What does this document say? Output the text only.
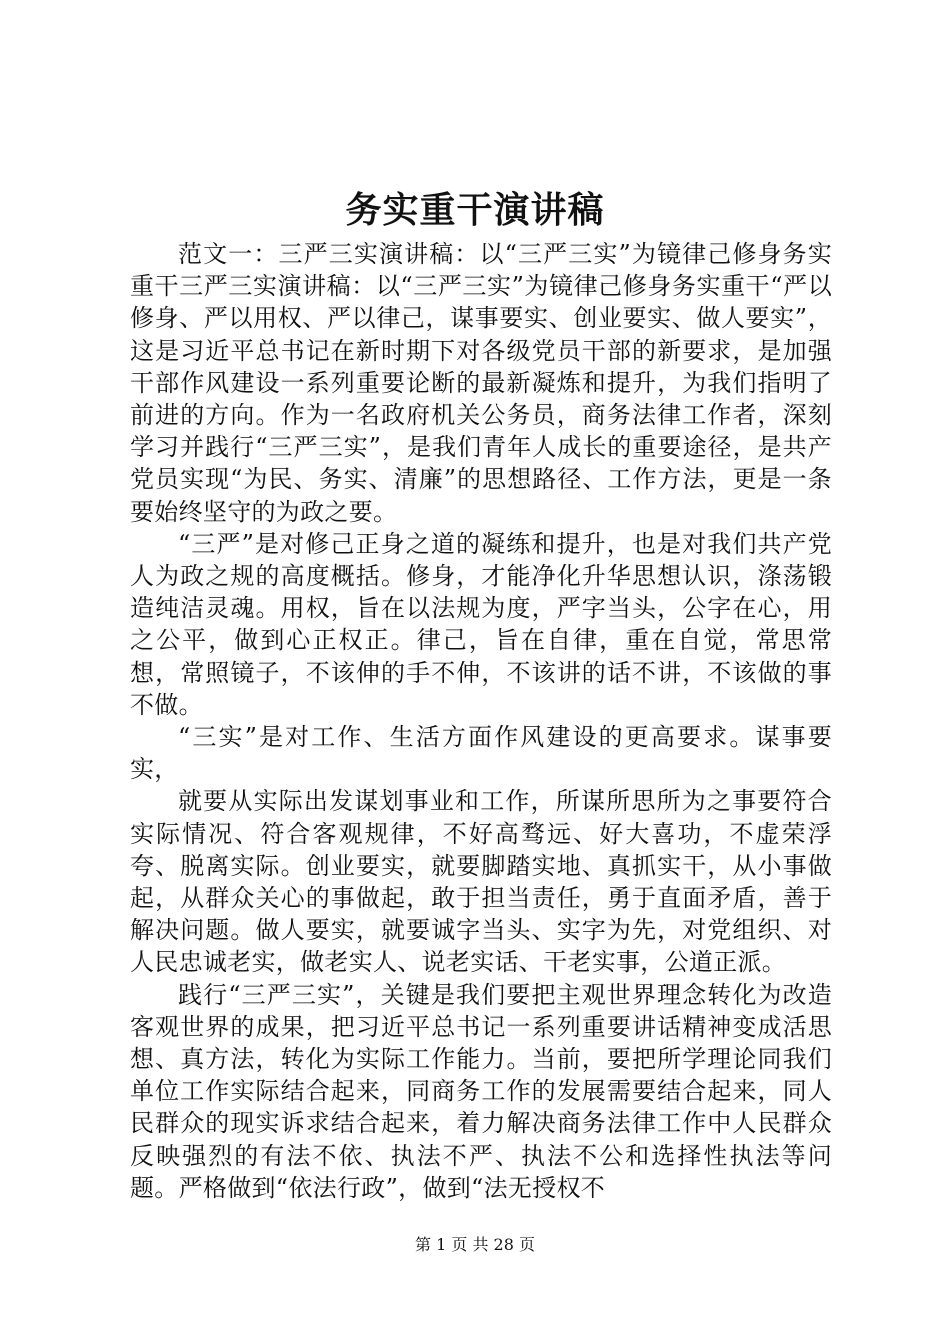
务实重干演讲稿

范文一：三严三实演讲稿：以“三严三实”为镜律己修身务实重干三严三实演讲稿：以“三严三实”为镜律己修身务实重干“严以修身、严以用权、严以律己，谋事要实、创业要实、做人要实”，这是习近平总书记在新时期下对各级党员干部的新要求，是加强干部作风建设一系列重要论断的最新凝炼和提升，为我们指明了前进的方向。作为一名政府机关公务员，商务法律工作者，深刻学习并践行“三严三实”，是我们青年人成长的重要途径，是共产党员实现“为民、务实、清廉”的思想路径、工作方法，更是一条要始终坚守的为政之要。

“三严”是对修己正身之道的凝练和提升，也是对我们共产党人为政之规的高度概括。修身，才能净化升华思想认识，涤荡锻造纯洁灵魂。用权，旨在以法规为度，严字当头，公字在心，用之公平，做到心正权正。律己，旨在自律，重在自觉，常思常想，常照镜子，不该伸的手不伸，不该讲的话不讲，不该做的事不做。

“三实”是对工作、生活方面作风建设的更高要求。谋事要实，

就要从实际出发谋划事业和工作，所谋所思所为之事要符合实际情况、符合客观规律，不好高骛远、好大喜功，不虚荣浮夸、脱离实际。创业要实，就要脚踏实地、真抓实干，从小事做起，从群众关心的事做起，敢于担当责任，勇于直面矛盾，善于解决问题。做人要实，就要诚字当头、实字为先，对党组织、对人民忠诚老实，做老实人、说老实话、干老实事，公道正派。

践行“三严三实”，关键是我们要把主观世界理念转化为改造客观世界的成果，把习近平总书记一系列重要讲话精神变成活思想、真方法，转化为实际工作能力。当前，要把所学理论同我们单位工作实际结合起来，同商务工作的发展需要结合起来，同人民群众的现实诉求结合起来，着力解决商务法律工作中人民群众反映强烈的有法不依、执法不严、执法不公和选择性执法等问题。严格做到“依法行政”，做到“法无授权不

第 1 页 共 28 页
